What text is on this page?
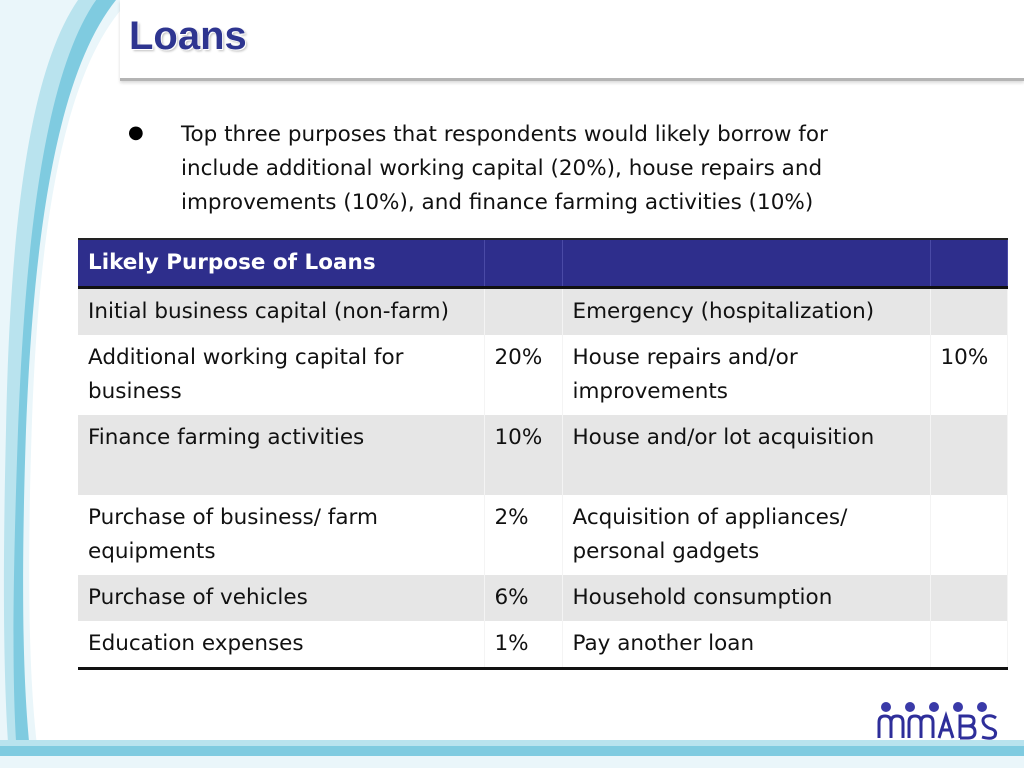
Loans
● Top three purposes that respondents would likely borrow for include additional working capital (20%), house repairs and improvements (10%), and finance farming activities (10%)
Likely Purpose of Loans			
Initial business capital (non-farm)		Emergency (hospitalization)	
Additional working capital for business	20%	House repairs and/or improvements	10%
Finance farming activities	10%	House and/or lot acquisition	
Purchase of business/ farm equipments	2%	Acquisition of appliances/ personal gadgets	
Purchase of vehicles	6%	Household consumption	
Education expenses	1%	Pay another loan	
